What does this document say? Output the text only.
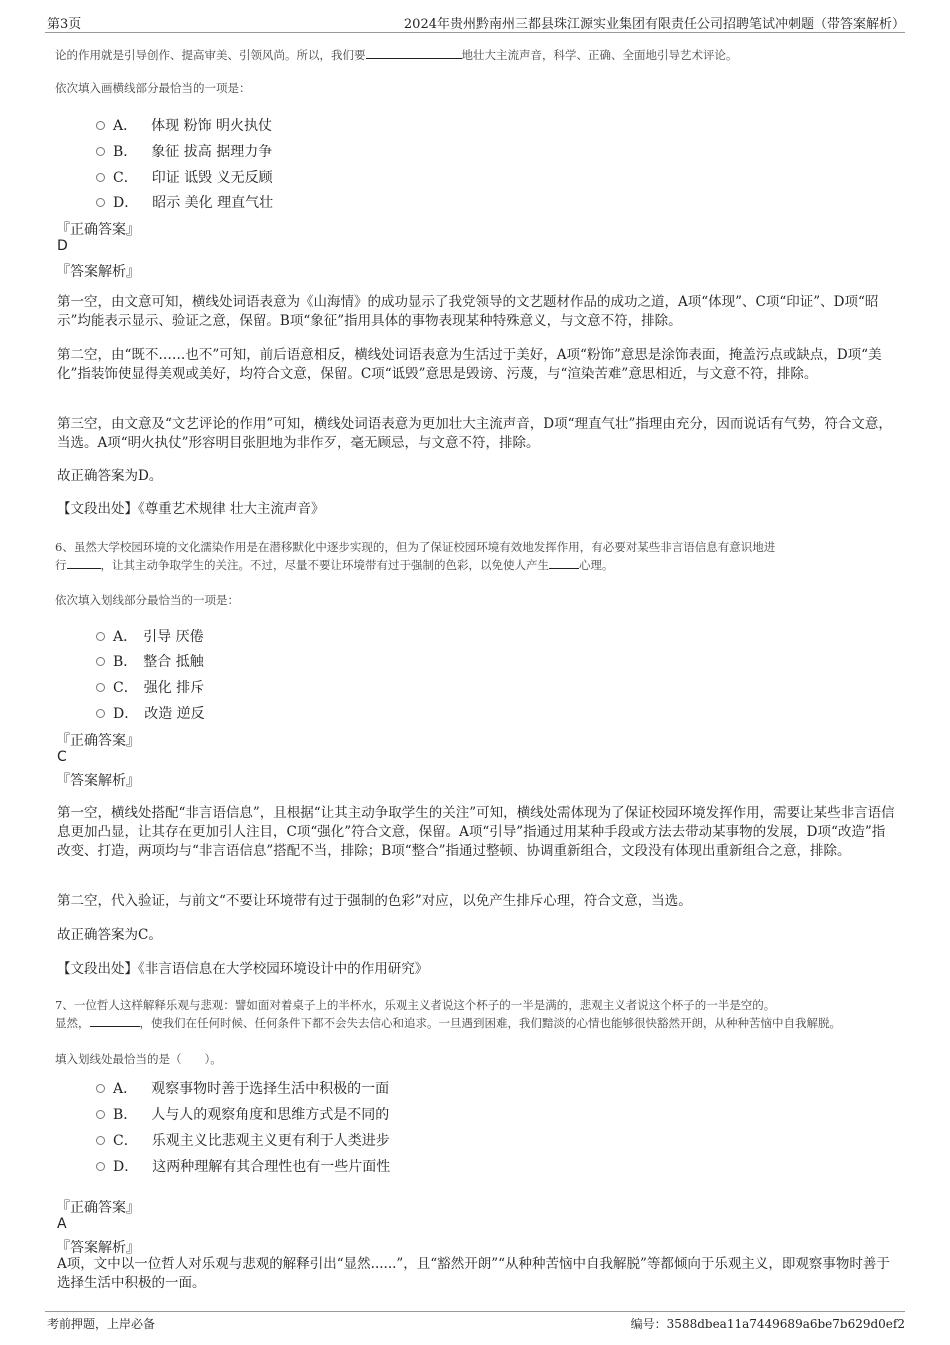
第3页	2024年贵州黔南州三都县珠江源实业集团有限责任公司招聘笔试冲刺题（带答案解析）
论的作用就是引导创作、提高审美、引领风尚。所以，我们要	地壮大主流声音，科学、正确、全面地引导艺术评论。
依次填入画横线部分最恰当的一项是：
A． 体现 粉饰 明火执仗
B． 象征 拔高 据理力争
C． 印证 诋毁 义无反顾
D． 昭示 美化 理直气壮
『正确答案』
D
『答案解析』
第一空，由文意可知，横线处词语表意为《山海情》的成功显示了我党领导的文艺题材作品的成功之道，A项“体现”、C项“印证”、D项“昭示”均能表示显示、验证之意，保留。B项“象征”指用具体的事物表现某种特殊意义，与文意不符，排除。
第二空，由“既不……也不”可知，前后语意相反，横线处词语表意为生活过于美好，A项“粉饰”意思是涂饰表面，掩盖污点或缺点，D项“美化”指装饰使显得美观或美好，均符合文意，保留。C项“诋毁”意思是毁谤、污蔑，与“渲染苦难”意思相近，与文意不符，排除。
第三空，由文意及“文艺评论的作用”可知，横线处词语表意为更加壮大主流声音，D项“理直气壮”指理由充分，因而说话有气势，符合文意，当选。A项“明火执仗”形容明目张胆地为非作歹，毫无顾忌，与文意不符，排除。
故正确答案为D。
【文段出处】《尊重艺术规律 壮大主流声音》
6、虽然大学校园环境的文化濡染作用是在潜移默化中逐步实现的，但为了保证校园环境有效地发挥作用，有必要对某些非言语信息有意识地进
行	，让其主动争取学生的关注。不过，尽量不要让环境带有过于强制的色彩，以免使人产生	心理。
依次填入划线部分最恰当的一项是：
A． 引导 厌倦
B． 整合 抵触
C． 强化 排斥
D． 改造 逆反
『正确答案』
C
『答案解析』
第一空，横线处搭配“非言语信息”，且根据“让其主动争取学生的关注”可知，横线处需体现为了保证校园环境发挥作用，需要让某些非言语信息更加凸显，让其存在更加引人注目，C项“强化”符合文意，保留。A项“引导”指通过用某种手段或方法去带动某事物的发展，D项“改造”指改变、打造，两项均与“非言语信息”搭配不当，排除；B项“整合”指通过整顿、协调重新组合，文段没有体现出重新组合之意，排除。
第二空，代入验证，与前文“不要让环境带有过于强制的色彩”对应，以免产生排斥心理，符合文意，当选。
故正确答案为C。
【文段出处】《非言语信息在大学校园环境设计中的作用研究》
7、一位哲人这样解释乐观与悲观：譬如面对着桌子上的半杯水，乐观主义者说这个杯子的一半是满的，悲观主义者说这个杯子的一半是空的。
显然，	，使我们在任何时候、任何条件下都不会失去信心和追求。一旦遇到困难，我们黯淡的心情也能够很快豁然开朗，从种种苦恼中自我解脱。
填入划线处最恰当的是（　　）。
A． 观察事物时善于选择生活中积极的一面
B． 人与人的观察角度和思维方式是不同的
C． 乐观主义比悲观主义更有利于人类进步
D． 这两种理解有其合理性也有一些片面性
『正确答案』
A
『答案解析』
A项，文中以一位哲人对乐观与悲观的解释引出“显然......”，且“豁然开朗”“从种种苦恼中自我解脱”等都倾向于乐观主义，即观察事物时善于选择生活中积极的一面。
考前押题，上岸必备	编号：3588dbea11a7449689a6be7b629d0ef2
